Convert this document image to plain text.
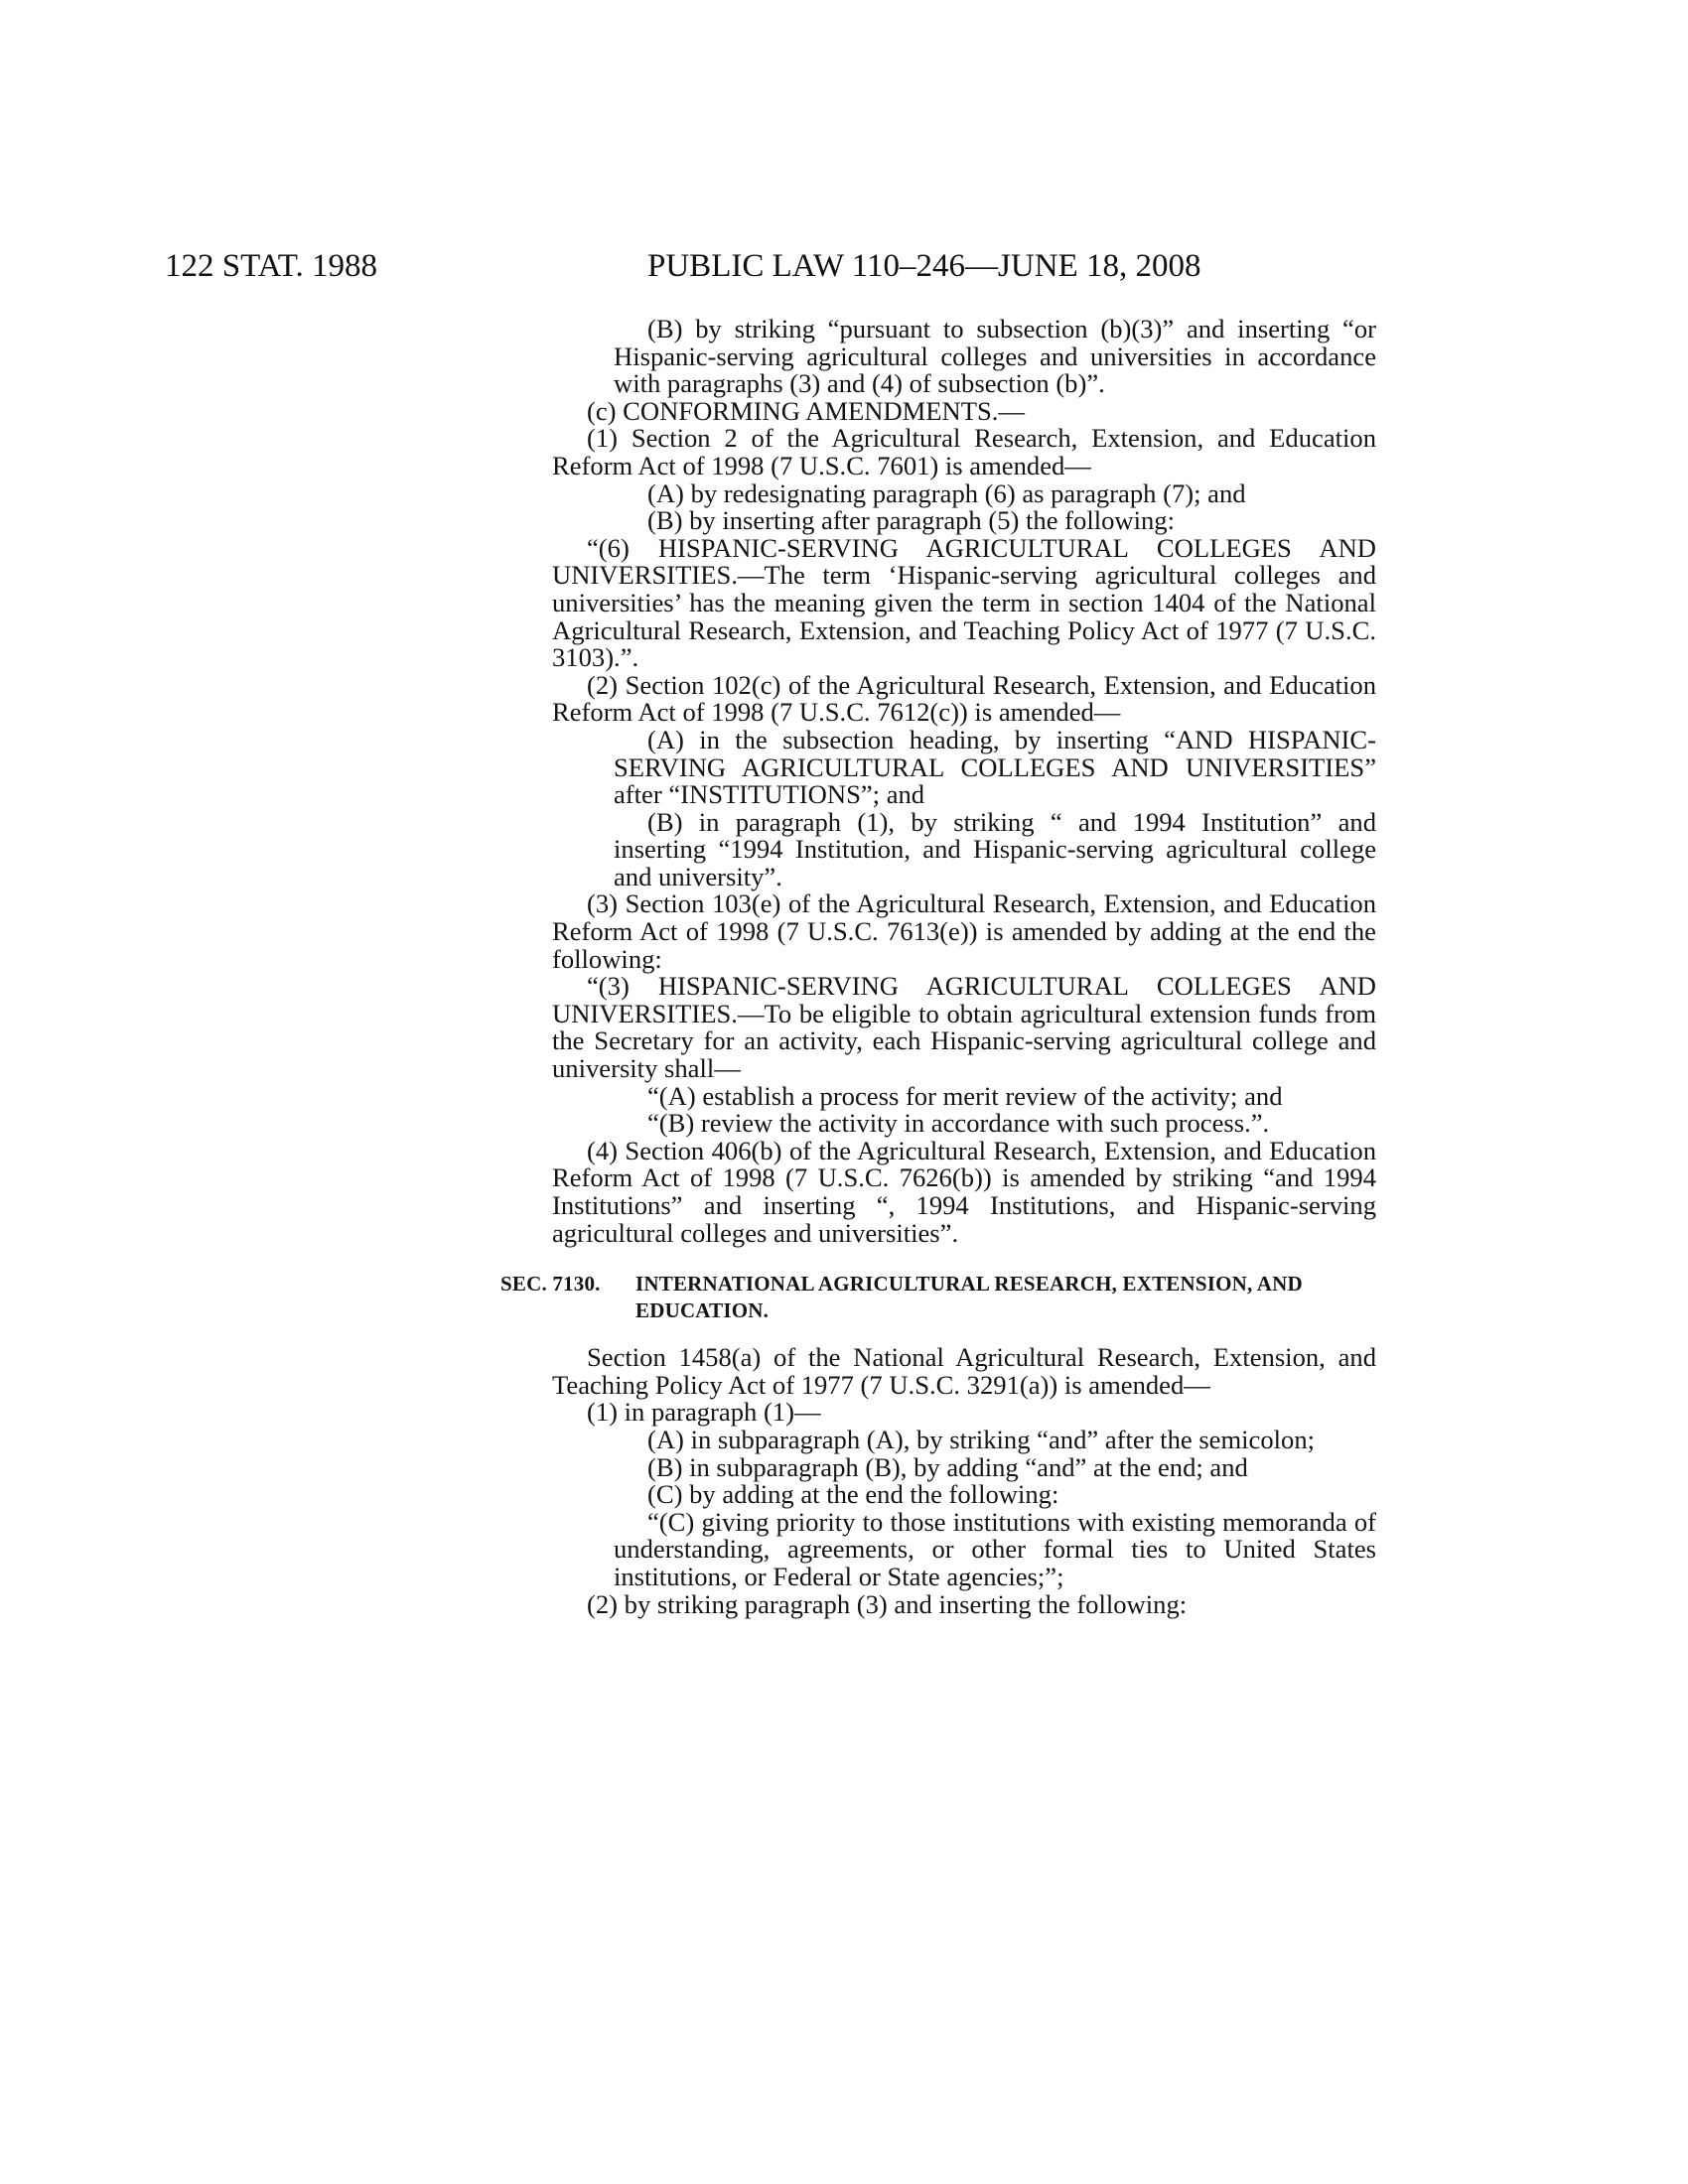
122 STAT. 1988	PUBLIC LAW 110–246—JUNE 18, 2008

(B) by striking “pursuant to subsection (b)(3)” and inserting “or Hispanic-serving agricultural colleges and universities in accordance with paragraphs (3) and (4) of subsection (b)”.

(c) CONFORMING AMENDMENTS.—

(1) Section 2 of the Agricultural Research, Extension, and Education Reform Act of 1998 (7 U.S.C. 7601) is amended—

(A) by redesignating paragraph (6) as paragraph (7); and

(B) by inserting after paragraph (5) the following:

“(6) HISPANIC-SERVING AGRICULTURAL COLLEGES AND UNIVERSITIES.—The term ‘Hispanic-serving agricultural colleges and universities’ has the meaning given the term in section 1404 of the National Agricultural Research, Extension, and Teaching Policy Act of 1977 (7 U.S.C. 3103).”.

(2) Section 102(c) of the Agricultural Research, Extension, and Education Reform Act of 1998 (7 U.S.C. 7612(c)) is amended—

(A) in the subsection heading, by inserting “AND HISPANIC-SERVING AGRICULTURAL COLLEGES AND UNIVERSITIES” after “INSTITUTIONS”; and

(B) in paragraph (1), by striking “ and 1994 Institution” and inserting “1994 Institution, and Hispanic-serving agricultural college and university”.

(3) Section 103(e) of the Agricultural Research, Extension, and Education Reform Act of 1998 (7 U.S.C. 7613(e)) is amended by adding at the end the following:

“(3) HISPANIC-SERVING AGRICULTURAL COLLEGES AND UNIVERSITIES.—To be eligible to obtain agricultural extension funds from the Secretary for an activity, each Hispanic-serving agricultural college and university shall—

“(A) establish a process for merit review of the activity; and

“(B) review the activity in accordance with such process.”.

(4) Section 406(b) of the Agricultural Research, Extension, and Education Reform Act of 1998 (7 U.S.C. 7626(b)) is amended by striking “and 1994 Institutions” and inserting “, 1994 Institutions, and Hispanic-serving agricultural colleges and universities”.

SEC. 7130. INTERNATIONAL AGRICULTURAL RESEARCH, EXTENSION, AND EDUCATION.

Section 1458(a) of the National Agricultural Research, Extension, and Teaching Policy Act of 1977 (7 U.S.C. 3291(a)) is amended—

(1) in paragraph (1)—

(A) in subparagraph (A), by striking “and” after the semicolon;

(B) in subparagraph (B), by adding “and” at the end; and

(C) by adding at the end the following:

“(C) giving priority to those institutions with existing memoranda of understanding, agreements, or other formal ties to United States institutions, or Federal or State agencies;”;

(2) by striking paragraph (3) and inserting the following:
